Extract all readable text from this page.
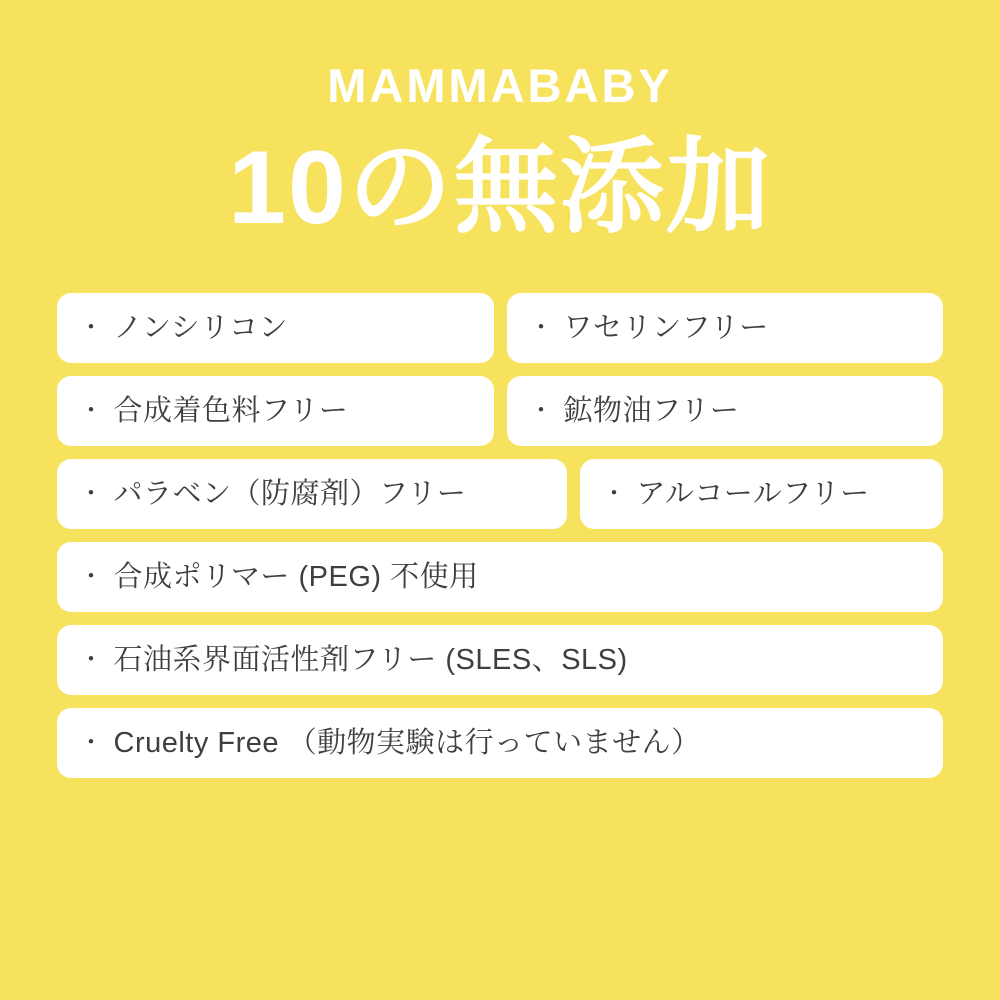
MAMMABABY
10の無添加
・ ノンシリコン	・ ワセリンフリー
・ 合成着色料フリー	・ 鉱物油フリー
・ パラベン（防腐剤）フリー	・ アルコールフリー
・ 合成ポリマー (PEG) 不使用
・ 石油系界面活性剤フリー (SLES、SLS)
・ Cruelty Free （動物実験は行っていません）
